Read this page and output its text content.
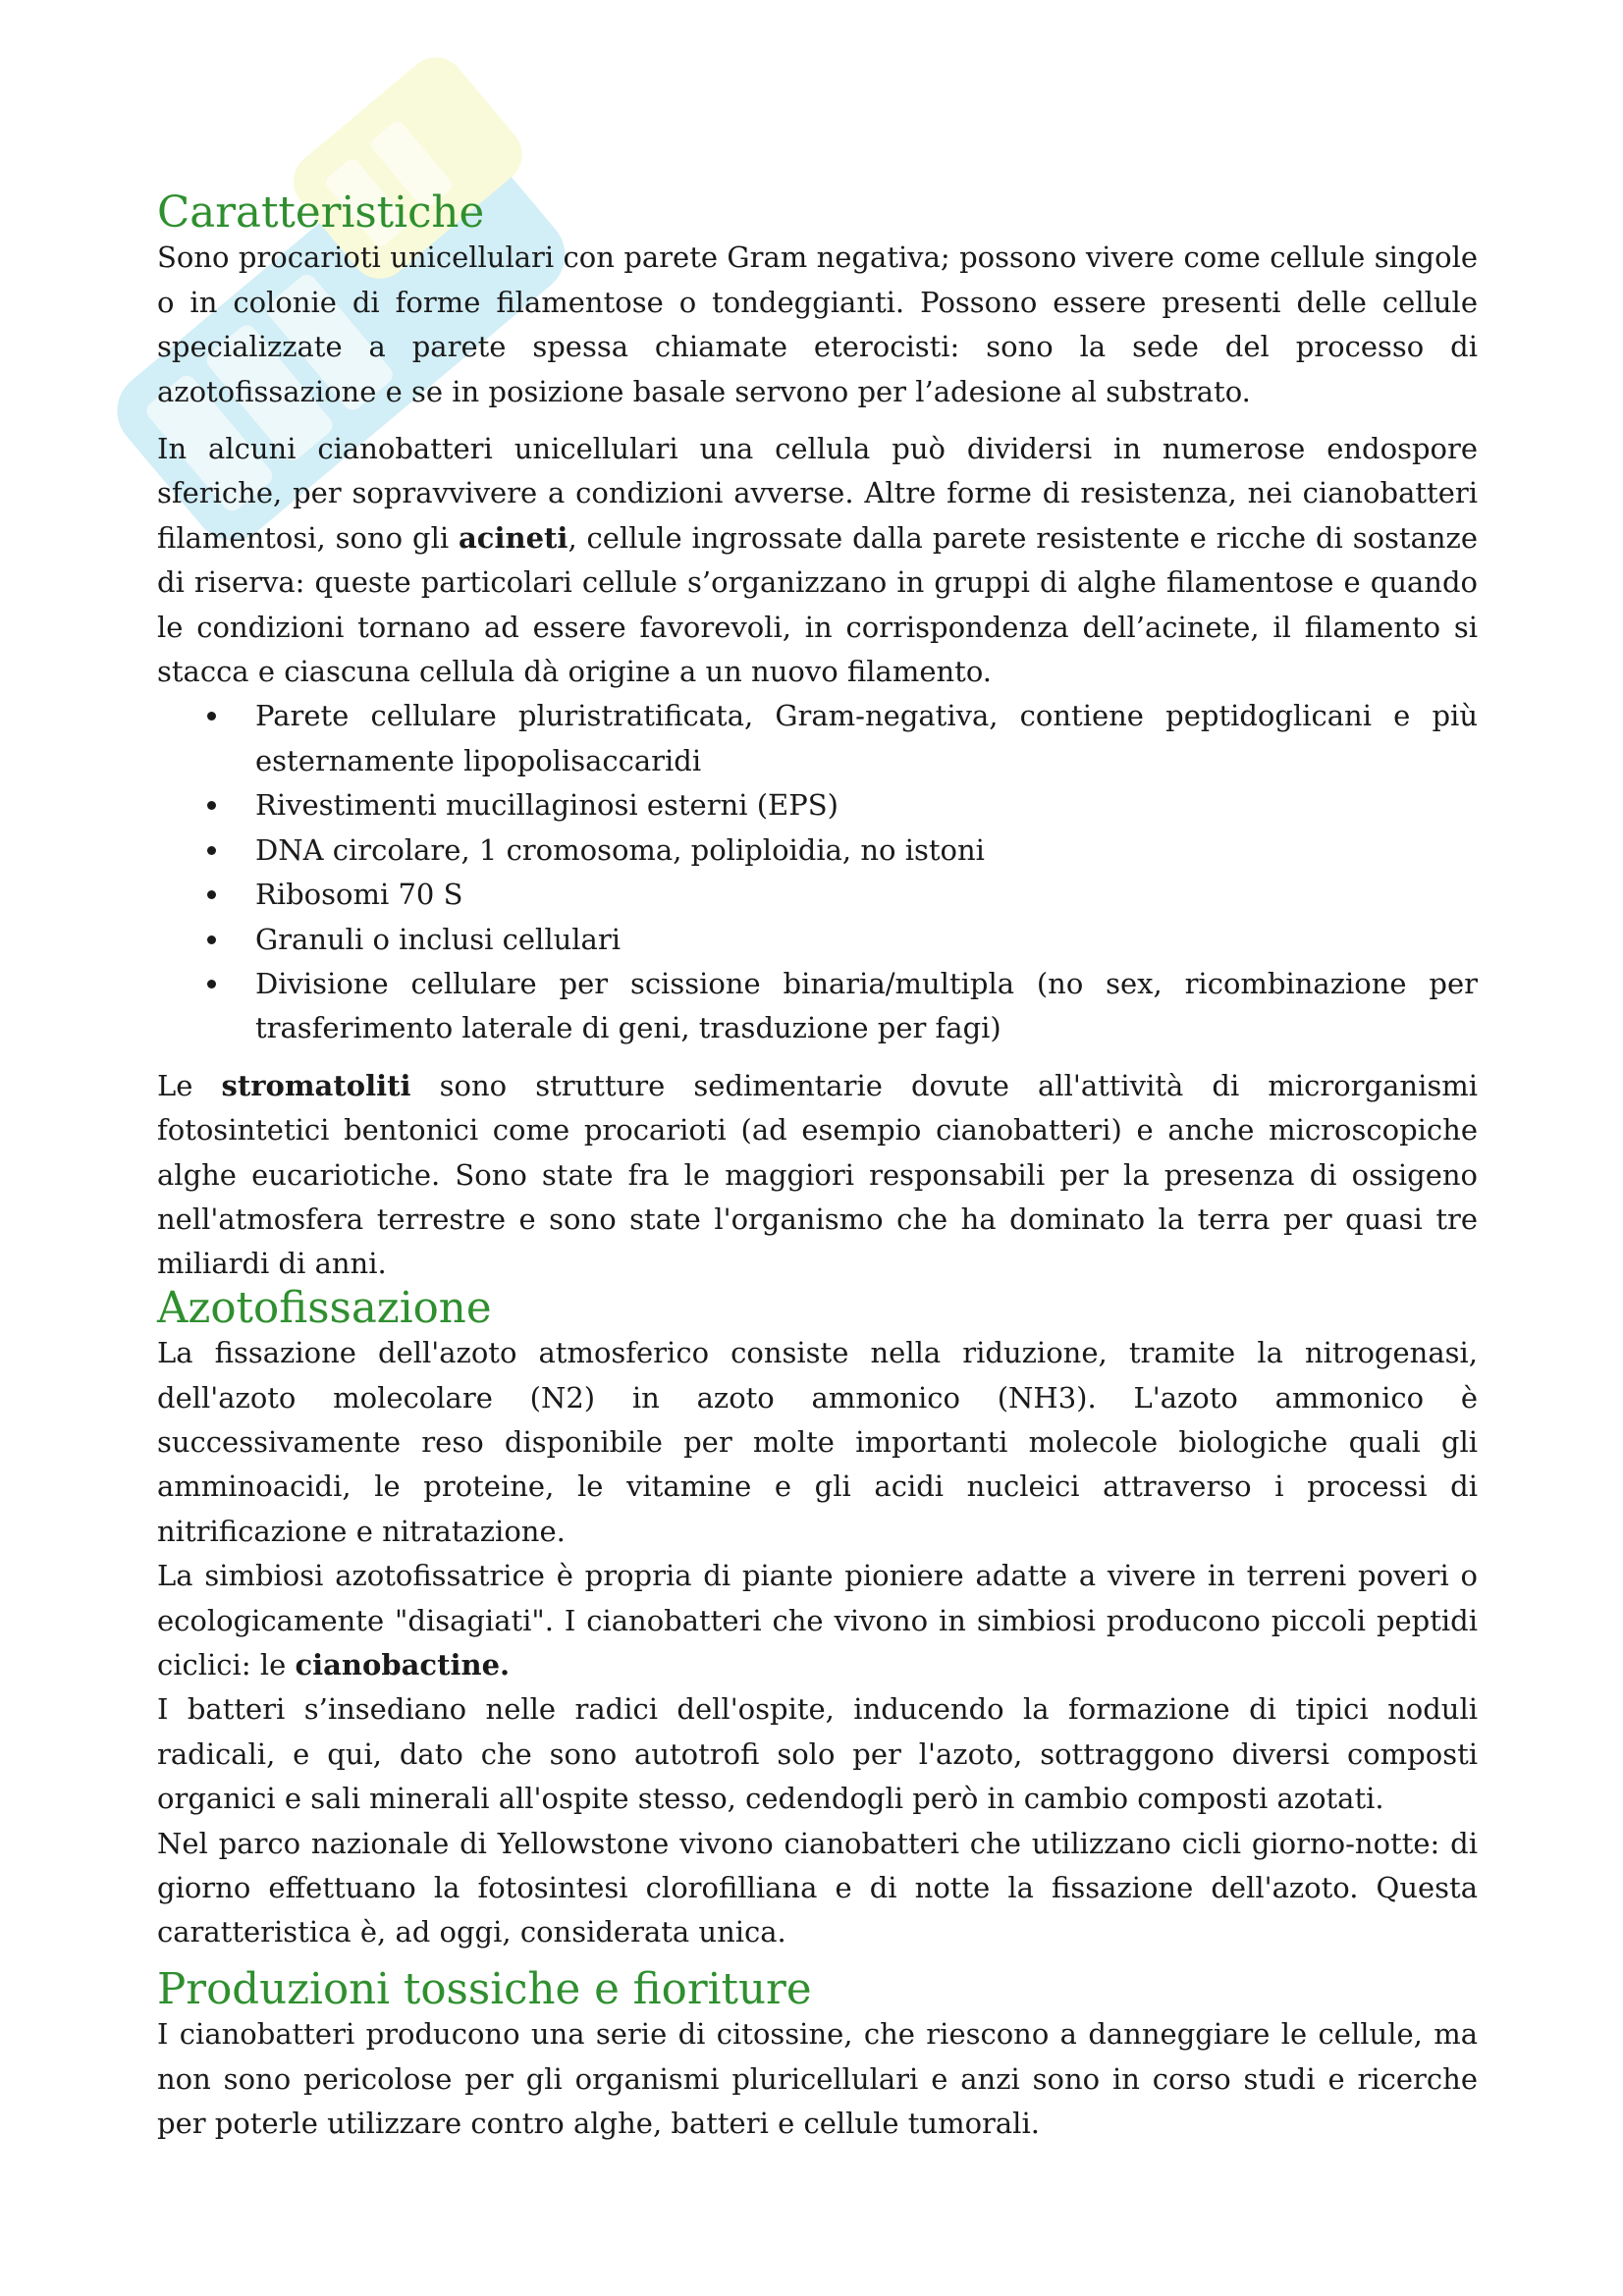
Caratteristiche

Sono procarioti unicellulari con parete Gram negativa; possono vivere come cellule singole o in colonie di forme filamentose o tondeggianti. Possono essere presenti delle cellule specializzate a parete spessa chiamate eterocisti: sono la sede del processo di azotofissazione e se in posizione basale servono per l’adesione al substrato.

In alcuni cianobatteri unicellulari una cellula può dividersi in numerose endospore sferiche, per sopravvivere a condizioni avverse. Altre forme di resistenza, nei cianobatteri filamentosi, sono gli acineti, cellule ingrossate dalla parete resistente e ricche di sostanze di riserva: queste particolari cellule s’organizzano in gruppi di alghe filamentose e quando le condizioni tornano ad essere favorevoli, in corrispondenza dell’acinete, il filamento si stacca e ciascuna cellula dà origine a un nuovo filamento.

Parete cellulare pluristratificata, Gram-negativa, contiene peptidoglicani e più esternamente lipopolisaccaridi
Rivestimenti mucillaginosi esterni (EPS)
DNA circolare, 1 cromosoma, poliploidia, no istoni
Ribosomi 70 S
Granuli o inclusi cellulari
Divisione cellulare per scissione binaria/multipla (no sex, ricombinazione per trasferimento laterale di geni, trasduzione per fagi)

Le stromatoliti sono strutture sedimentarie dovute all'attività di microrganismi fotosintetici bentonici come procarioti (ad esempio cianobatteri) e anche microscopiche alghe eucariotiche. Sono state fra le maggiori responsabili per la presenza di ossigeno nell'atmosfera terrestre e sono state l'organismo che ha dominato la terra per quasi tre miliardi di anni.

Azotofissazione

La fissazione dell'azoto atmosferico consiste nella riduzione, tramite la nitrogenasi, dell'azoto molecolare (N2) in azoto ammonico (NH3). L'azoto ammonico è successivamente reso disponibile per molte importanti molecole biologiche quali gli amminoacidi, le proteine, le vitamine e gli acidi nucleici attraverso i processi di nitrificazione e nitratazione.

La simbiosi azotofissatrice è propria di piante pioniere adatte a vivere in terreni poveri o ecologicamente "disagiati". I cianobatteri che vivono in simbiosi producono piccoli peptidi ciclici: le cianobactine.

I batteri s’insediano nelle radici dell'ospite, inducendo la formazione di tipici noduli radicali, e qui, dato che sono autotrofi solo per l'azoto, sottraggono diversi composti organici e sali minerali all'ospite stesso, cedendogli però in cambio composti azotati.

Nel parco nazionale di Yellowstone vivono cianobatteri che utilizzano cicli giorno-notte: di giorno effettuano la fotosintesi clorofilliana e di notte la fissazione dell'azoto. Questa caratteristica è, ad oggi, considerata unica.

Produzioni tossiche e fioriture

I cianobatteri producono una serie di citossine, che riescono a danneggiare le cellule, ma non sono pericolose per gli organismi pluricellulari e anzi sono in corso studi e ricerche per poterle utilizzare contro alghe, batteri e cellule tumorali.
